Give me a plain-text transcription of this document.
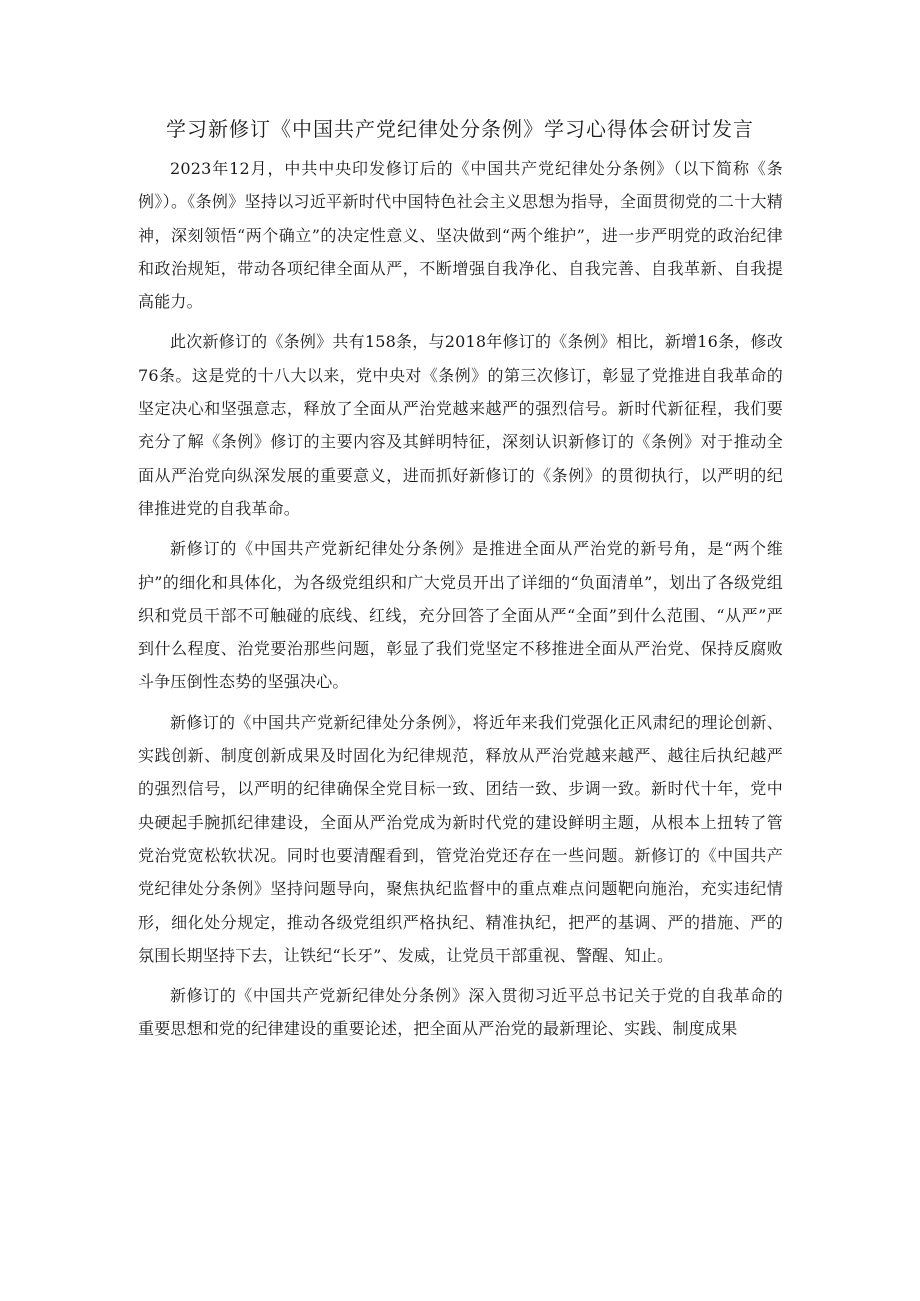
学习新修订《中国共产党纪律处分条例》学习心得体会研讨发言

2023年12月，中共中央印发修订后的《中国共产党纪律处分条例》（以下简称《条例》）。《条例》坚持以习近平新时代中国特色社会主义思想为指导，全面贯彻党的二十大精神，深刻领悟“两个确立”的决定性意义、坚决做到“两个维护”，进一步严明党的政治纪律和政治规矩，带动各项纪律全面从严，不断增强自我净化、自我完善、自我革新、自我提高能力。

此次新修订的《条例》共有158条，与2018年修订的《条例》相比，新增16条，修改76条。这是党的十八大以来，党中央对《条例》的第三次修订，彰显了党推进自我革命的坚定决心和坚强意志，释放了全面从严治党越来越严的强烈信号。新时代新征程，我们要充分了解《条例》修订的主要内容及其鲜明特征，深刻认识新修订的《条例》对于推动全面从严治党向纵深发展的重要意义，进而抓好新修订的《条例》的贯彻执行，以严明的纪律推进党的自我革命。

新修订的《中国共产党新纪律处分条例》是推进全面从严治党的新号角，是“两个维护”的细化和具体化，为各级党组织和广大党员开出了详细的“负面清单”，划出了各级党组织和党员干部不可触碰的底线、红线，充分回答了全面从严“全面”到什么范围、“从严”严到什么程度、治党要治那些问题，彰显了我们党坚定不移推进全面从严治党、保持反腐败斗争压倒性态势的坚强决心。

新修订的《中国共产党新纪律处分条例》，将近年来我们党强化正风肃纪的理论创新、实践创新、制度创新成果及时固化为纪律规范，释放从严治党越来越严、越往后执纪越严的强烈信号，以严明的纪律确保全党目标一致、团结一致、步调一致。新时代十年，党中央硬起手腕抓纪律建设，全面从严治党成为新时代党的建设鲜明主题，从根本上扭转了管党治党宽松软状况。同时也要清醒看到，管党治党还存在一些问题。新修订的《中国共产党纪律处分条例》坚持问题导向，聚焦执纪监督中的重点难点问题靶向施治，充实违纪情形，细化处分规定，推动各级党组织严格执纪、精准执纪，把严的基调、严的措施、严的氛围长期坚持下去，让铁纪“长牙”、发威，让党员干部重视、警醒、知止。

新修订的《中国共产党新纪律处分条例》深入贯彻习近平总书记关于党的自我革命的重要思想和党的纪律建设的重要论述，把全面从严治党的最新理论、实践、制度成果
